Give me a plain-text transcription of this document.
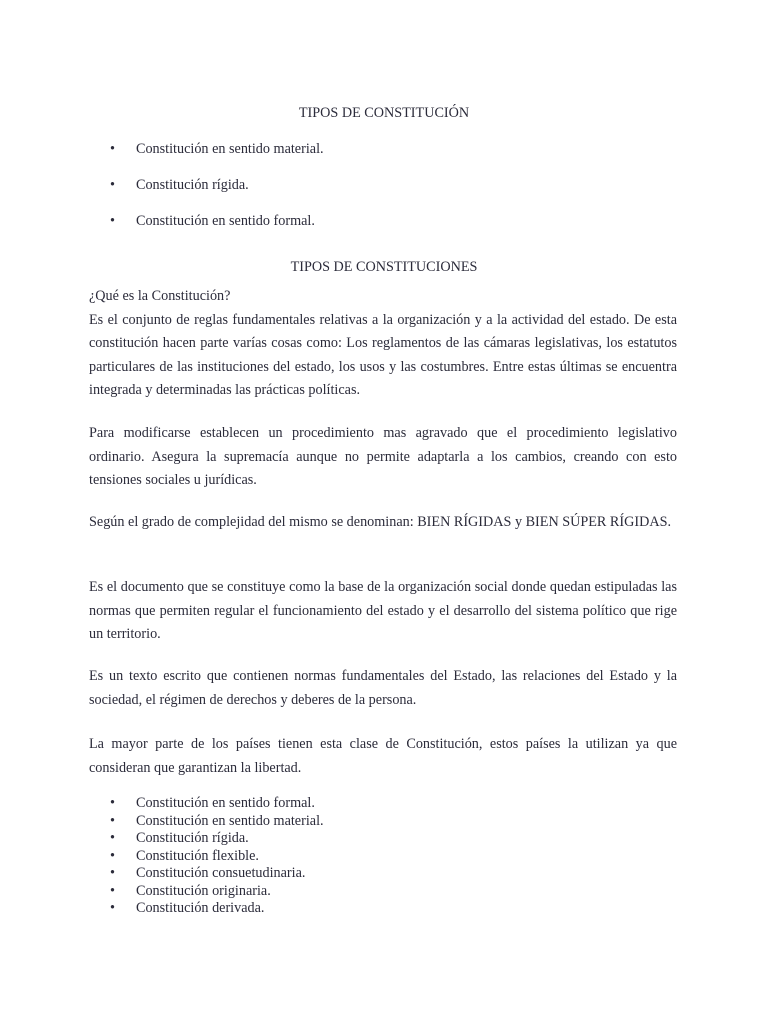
TIPOS DE CONSTITUCIÓN
• Constitución en sentido material.
• Constitución rígida.
• Constitución en sentido formal.
TIPOS DE CONSTITUCIONES

¿Qué es la Constitución?

Es el conjunto de reglas fundamentales relativas a la organización y a la actividad del estado. De esta constitución hacen parte varías cosas como: Los reglamentos de las cámaras legislativas, los estatutos particulares de las instituciones del estado, los usos y las costumbres. Entre estas últimas se encuentra integrada y determinadas las prácticas políticas.

Para modificarse establecen un procedimiento mas agravado que el procedimiento legislativo ordinario. Asegura la supremacía aunque no permite adaptarla a los cambios, creando con esto tensiones sociales u jurídicas.

Según el grado de complejidad del mismo se denominan: BIEN RÍGIDAS y BIEN SÚPER RÍGIDAS.

Es el documento que se constituye como la base de la organización social donde quedan estipuladas las normas que permiten regular el funcionamiento del estado y el desarrollo del sistema político que rige un territorio.

Es un texto escrito que contienen normas fundamentales del Estado, las relaciones del Estado y la sociedad, el régimen de derechos y deberes de la persona.

La mayor parte de los países tienen esta clase de Constitución, estos países la utilizan ya que consideran que garantizan la libertad.

• Constitución en sentido formal.
• Constitución en sentido material.
• Constitución rígida.
• Constitución flexible.
• Constitución consuetudinaria.
• Constitución originaria.
• Constitución derivada.
